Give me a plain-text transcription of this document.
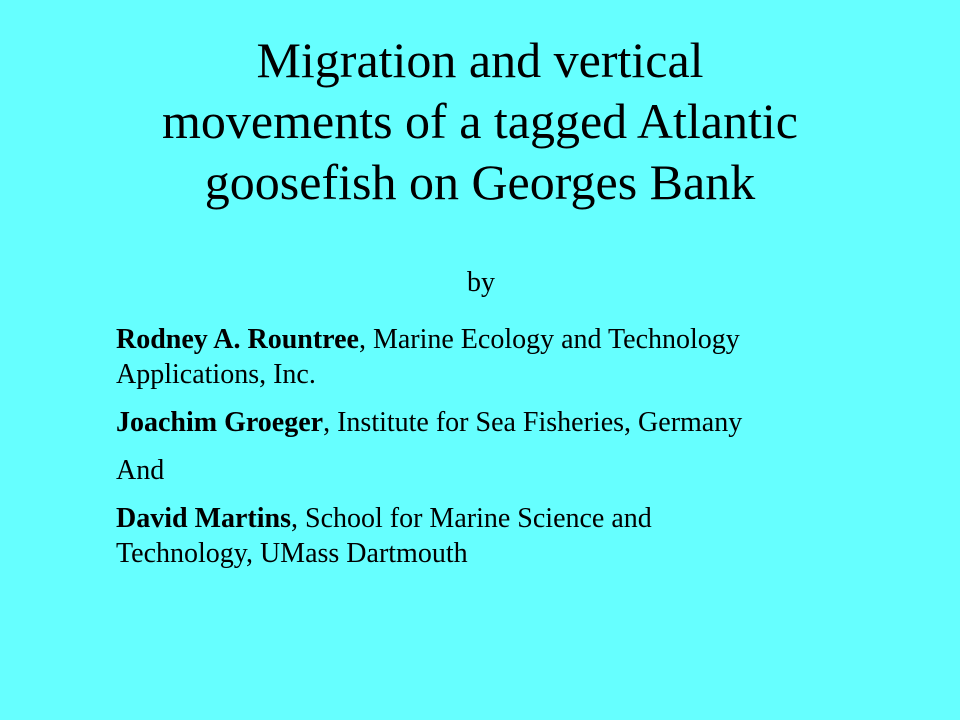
Migration and vertical
movements of a tagged Atlantic
goosefish on Georges Bank
by
Rodney A. Rountree, Marine Ecology and Technology
Applications, Inc.
Joachim Groeger, Institute for Sea Fisheries, Germany
And
David Martins, School for Marine Science and
Technology, UMass Dartmouth
